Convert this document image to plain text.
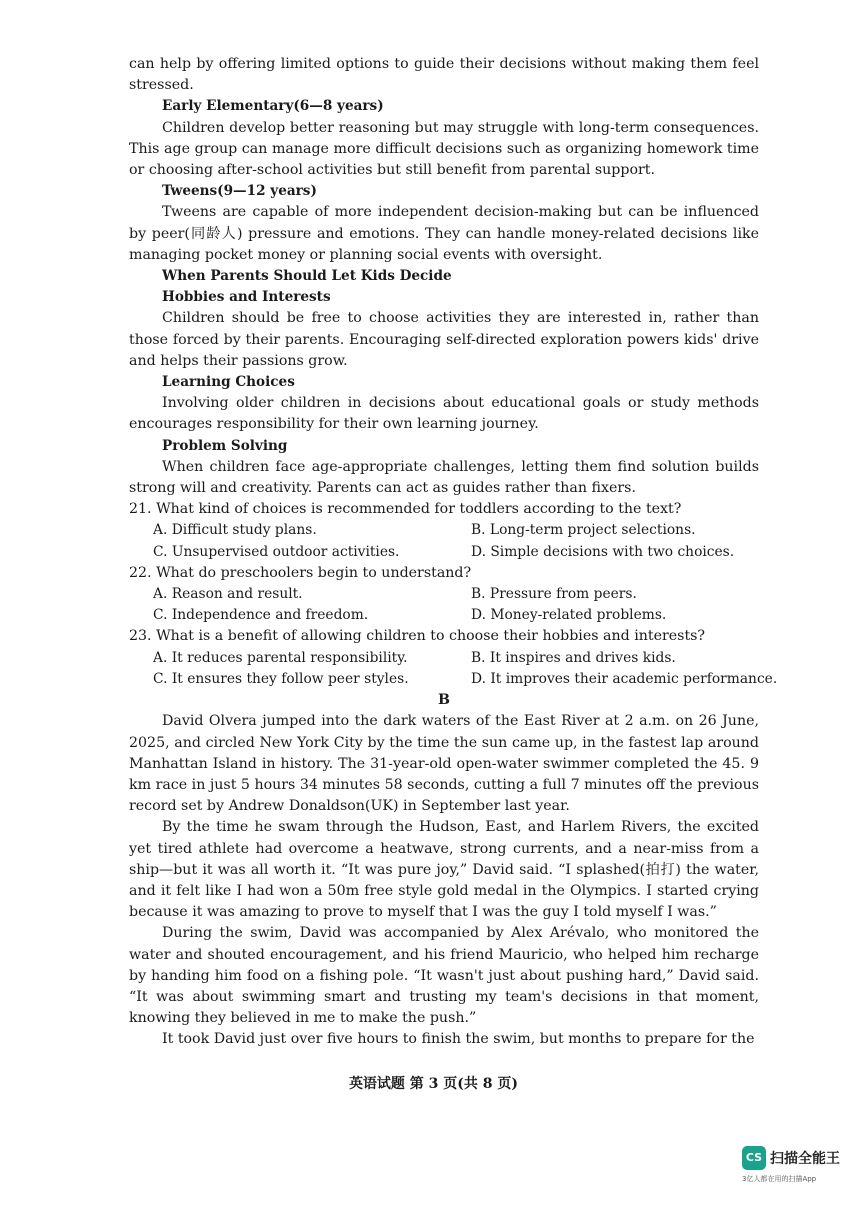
can help by offering limited options to guide their decisions without making them feel stressed.

Early Elementary(6—8 years)

Children develop better reasoning but may struggle with long-term consequences. This age group can manage more difficult decisions such as organizing homework time or choosing after-school activities but still benefit from parental support.

Tweens(9—12 years)

Tweens are capable of more independent decision-making but can be influenced by peer(同龄人) pressure and emotions. They can handle money-related decisions like managing pocket money or planning social events with oversight.

When Parents Should Let Kids Decide

Hobbies and Interests

Children should be free to choose activities they are interested in, rather than those forced by their parents. Encouraging self-directed exploration powers kids' drive and helps their passions grow.

Learning Choices

Involving older children in decisions about educational goals or study methods encourages responsibility for their own learning journey.

Problem Solving

When children face age-appropriate challenges, letting them find solution builds strong will and creativity. Parents can act as guides rather than fixers.

21. What kind of choices is recommended for toddlers according to the text?

A. Difficult study plans.	B. Long-term project selections.

C. Unsupervised outdoor activities.	D. Simple decisions with two choices.

22. What do preschoolers begin to understand?

A. Reason and result.	B. Pressure from peers.

C. Independence and freedom.	D. Money-related problems.

23. What is a benefit of allowing children to choose their hobbies and interests?

A. It reduces parental responsibility.	B. It inspires and drives kids.

C. It ensures they follow peer styles.	D. It improves their academic performance.

B

David Olvera jumped into the dark waters of the East River at 2 a.m. on 26 June, 2025, and circled New York City by the time the sun came up, in the fastest lap around Manhattan Island in history. The 31-year-old open-water swimmer completed the 45. 9 km race in just 5 hours 34 minutes 58 seconds, cutting a full 7 minutes off the previous record set by Andrew Donaldson(UK) in September last year.

By the time he swam through the Hudson, East, and Harlem Rivers, the excited yet tired athlete had overcome a heatwave, strong currents, and a near-miss from a ship—but it was all worth it. “It was pure joy,” David said. “I splashed(拍打) the water, and it felt like I had won a 50m free style gold medal in the Olympics. I started crying because it was amazing to prove to myself that I was the guy I told myself I was.”

During the swim, David was accompanied by Alex Arévalo, who monitored the water and shouted encouragement, and his friend Mauricio, who helped him recharge by handing him food on a fishing pole. “It wasn't just about pushing hard,” David said. “It was about swimming smart and trusting my team's decisions in that moment, knowing they believed in me to make the push.”

It took David just over five hours to finish the swim, but months to prepare for the

英语试题 第 3 页(共 8 页)
CS 扫描全能王
3亿人都在用的扫描App
